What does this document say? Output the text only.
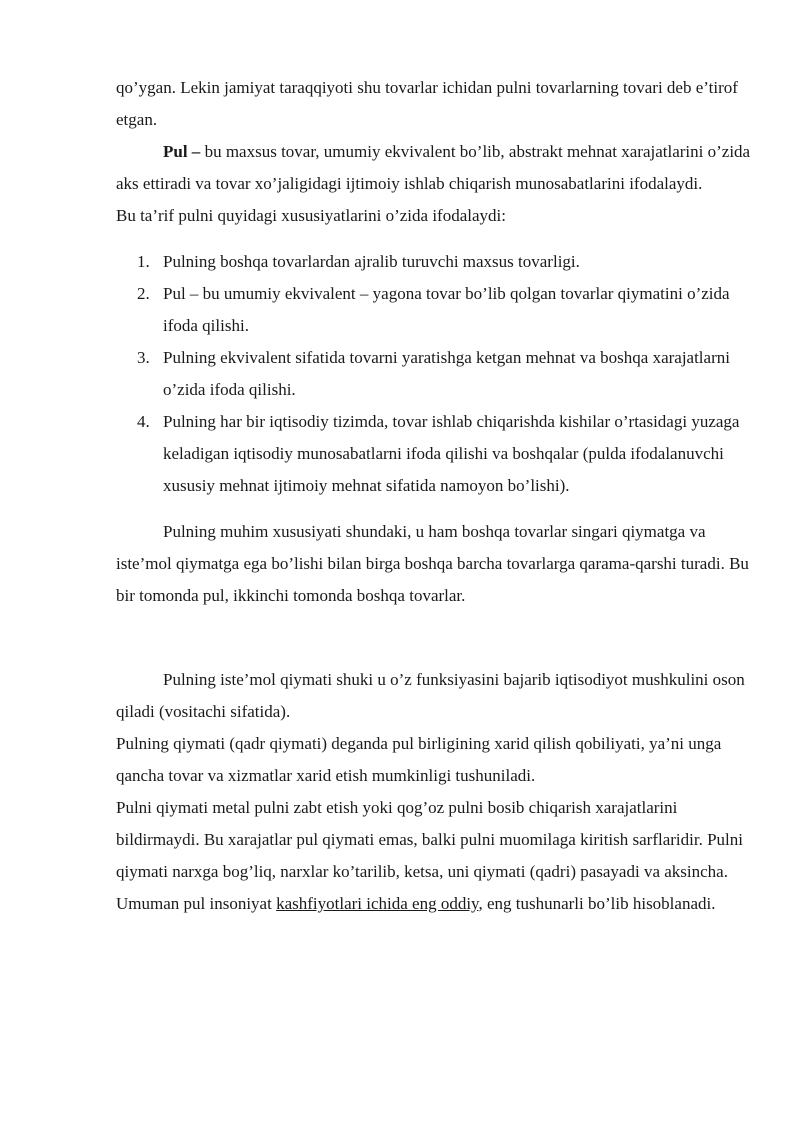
qo’ygan. Lekin jamiyat taraqqiyoti shu tovarlar ichidan pulni tovarlarning tovari deb e’tirof etgan.

Pul – bu maxsus tovar, umumiy ekvivalent bo’lib, abstrakt mehnat xarajatlarini o’zida aks ettiradi va tovar xo’jaligidagi ijtimoiy ishlab chiqarish munosabatlarini ifodalaydi.

Bu ta’rif pulni quyidagi xususiyatlarini o’zida ifodalaydi:

1. Pulning boshqa tovarlardan ajralib turuvchi maxsus tovarligi.
2. Pul – bu umumiy ekvivalent – yagona tovar bo’lib qolgan tovarlar qiymatini o’zida ifoda qilishi.
3. Pulning ekvivalent sifatida tovarni yaratishga ketgan mehnat va boshqa xarajatlarni o’zida ifoda qilishi.
4. Pulning har bir iqtisodiy tizimda, tovar ishlab chiqarishda kishilar o’rtasidagi yuzaga keladigan iqtisodiy munosabatlarni ifoda qilishi va boshqalar (pulda ifodalanuvchi xususiy mehnat ijtimoiy mehnat sifatida namoyon bo’lishi).

Pulning muhim xususiyati shundaki, u ham boshqa tovarlar singari qiymatga va iste’mol qiymatga ega bo’lishi bilan birga boshqa barcha tovarlarga qarama-qarshi turadi. Bu bir tomonda pul, ikkinchi tomonda boshqa tovarlar.

Pulning iste’mol qiymati shuki u o’z funksiyasini bajarib iqtisodiyot mushkulini oson qiladi (vositachi sifatida).

Pulning qiymati (qadr qiymati) deganda pul birligining xarid qilish qobiliyati, ya’ni unga qancha tovar va xizmatlar xarid etish mumkinligi tushuniladi.

Pulni qiymati metal pulni zabt etish yoki qog’oz pulni bosib chiqarish xarajatlarini bildirmaydi. Bu xarajatlar pul qiymati emas, balki pulni muomilaga kiritish sarflaridir. Pulni qiymati narxga bog’liq, narxlar ko’tarilib, ketsa, uni qiymati (qadri) pasayadi va aksincha.

Umuman pul insoniyat kashfiyotlari ichida eng oddiy, eng tushunarli bo’lib hisoblanadi.
